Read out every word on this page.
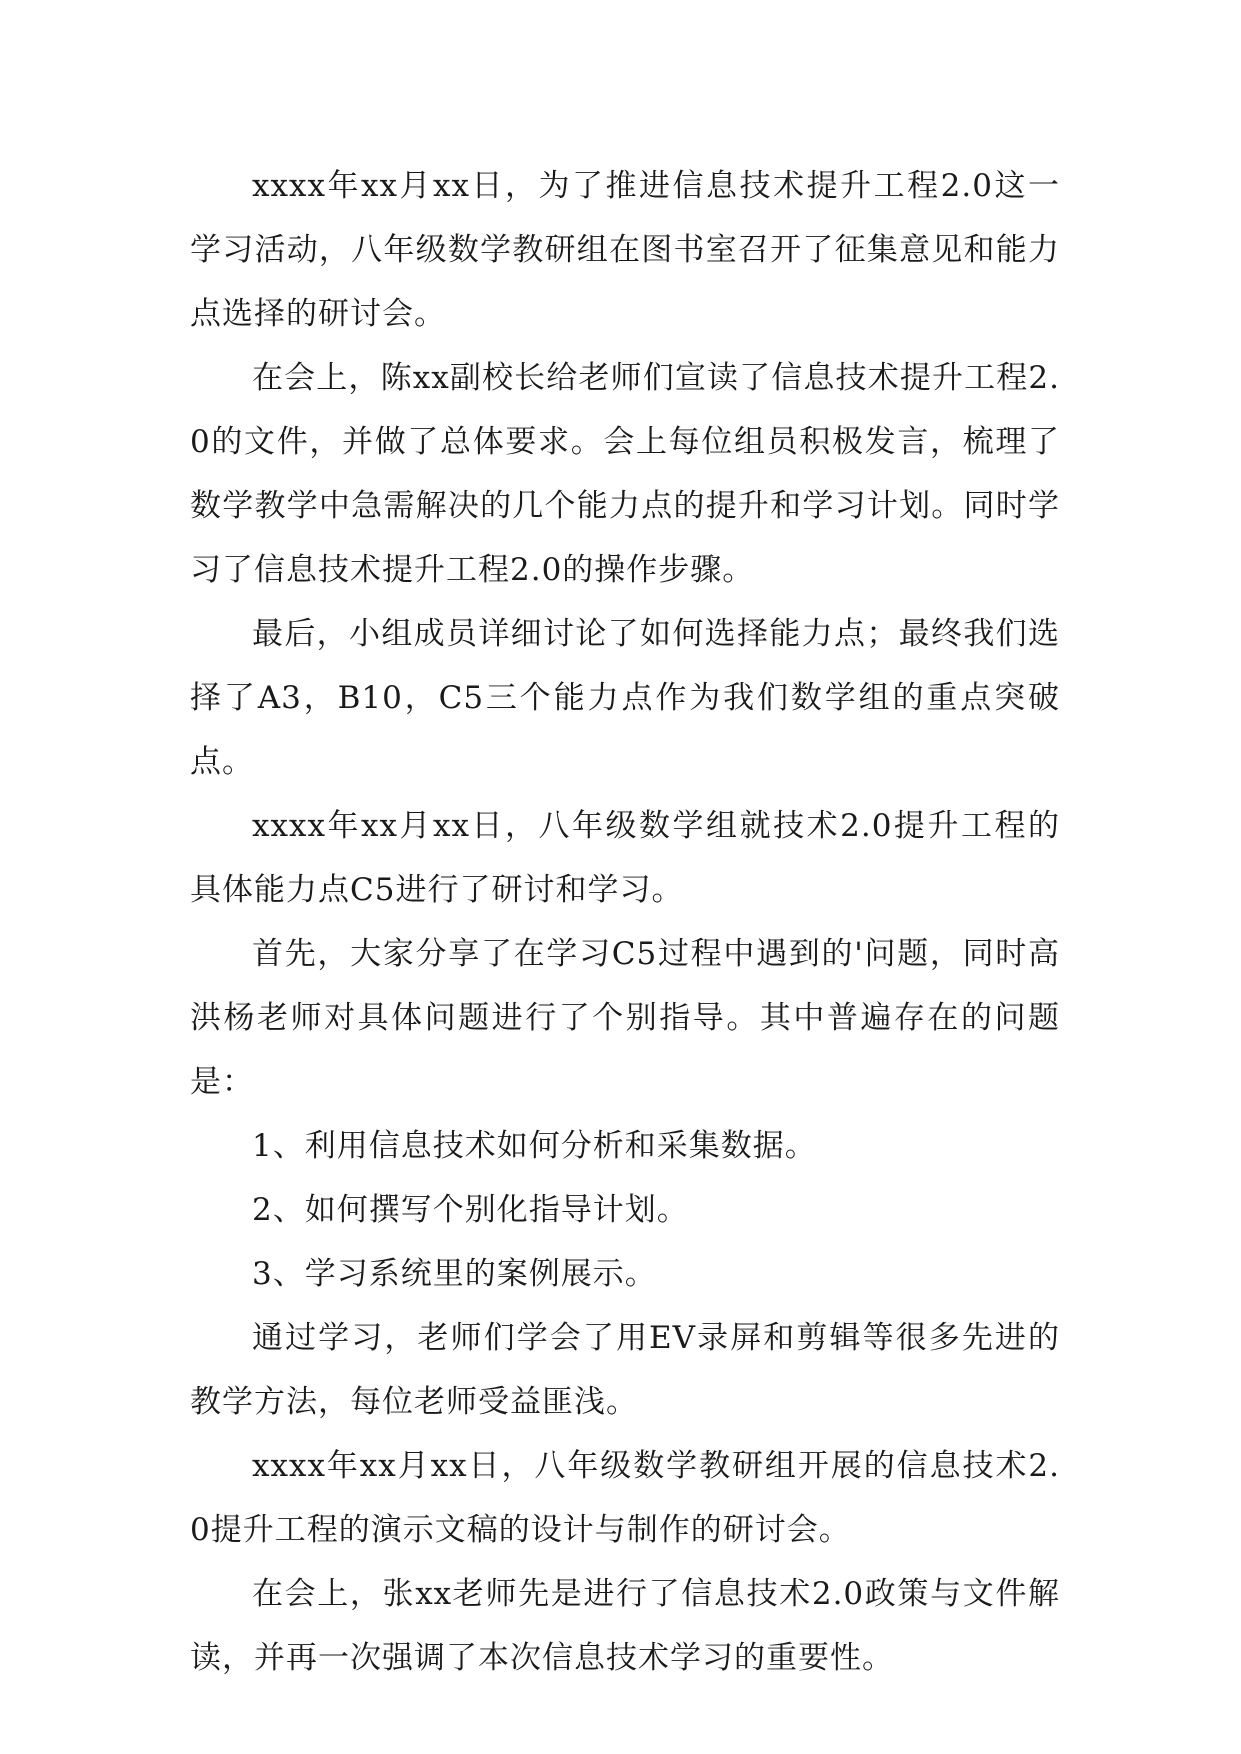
xxxx年xx月xx日，为了推进信息技术提升工程2.0这一学习活动，八年级数学教研组在图书室召开了征集意见和能力点选择的研讨会。

在会上，陈xx副校长给老师们宣读了信息技术提升工程2.0的文件，并做了总体要求。会上每位组员积极发言，梳理了数学教学中急需解决的几个能力点的提升和学习计划。同时学习了信息技术提升工程2.0的操作步骤。

最后，小组成员详细讨论了如何选择能力点；最终我们选择了A3，B10，C5三个能力点作为我们数学组的重点突破点。

xxxx年xx月xx日，八年级数学组就技术2.0提升工程的具体能力点C5进行了研讨和学习。

首先，大家分享了在学习C5过程中遇到的'问题，同时高洪杨老师对具体问题进行了个别指导。其中普遍存在的问题是：

1、利用信息技术如何分析和采集数据。

2、如何撰写个别化指导计划。

3、学习系统里的案例展示。

通过学习，老师们学会了用EV录屏和剪辑等很多先进的教学方法，每位老师受益匪浅。

xxxx年xx月xx日，八年级数学教研组开展的信息技术2.0提升工程的演示文稿的设计与制作的研讨会。

在会上，张xx老师先是进行了信息技术2.0政策与文件解读，并再一次强调了本次信息技术学习的重要性。
